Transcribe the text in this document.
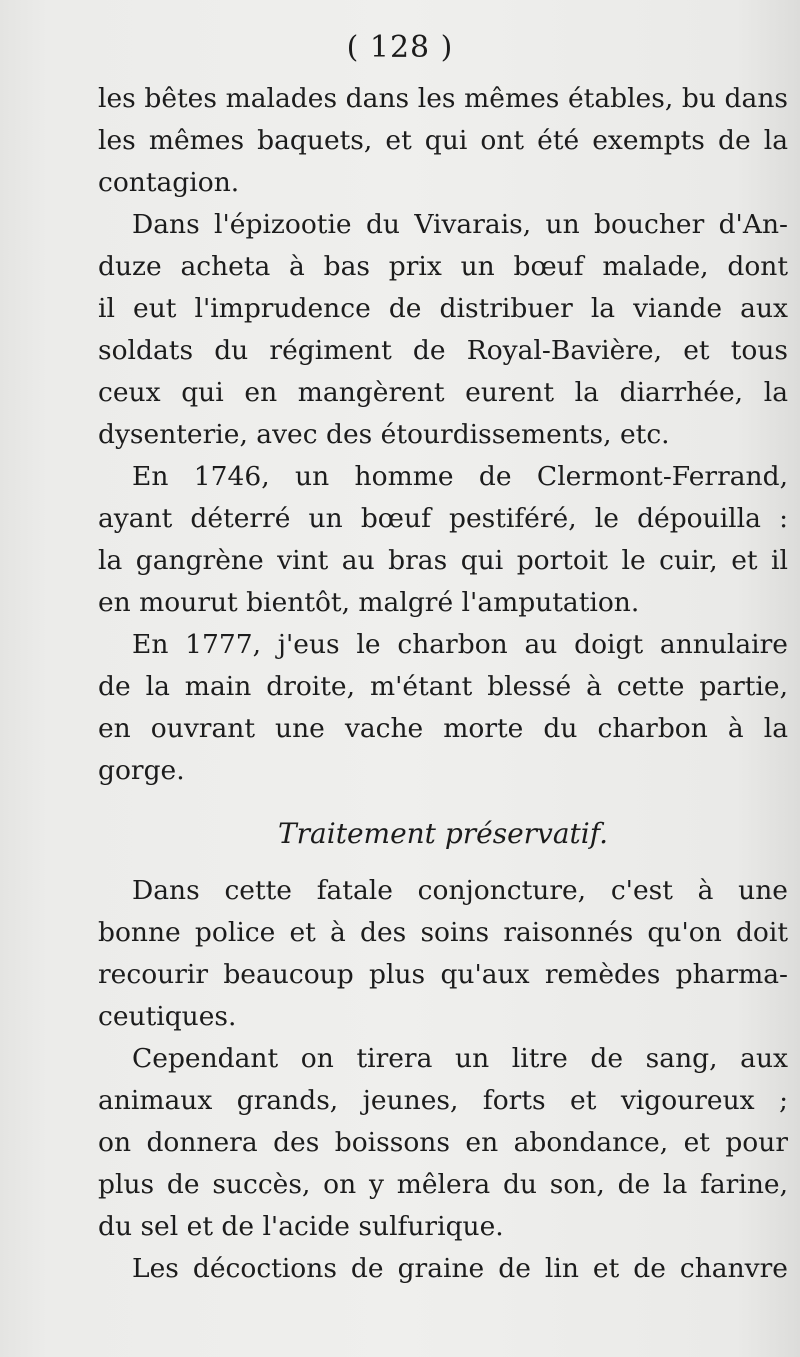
( 128 )
les bêtes malades dans les mêmes étables, bu dans
les mêmes baquets, et qui ont été exempts de la
contagion.
Dans l'épizootie du Vivarais, un boucher d'An-
duze acheta à bas prix un bœuf malade, dont
il eut l'imprudence de distribuer la viande aux
soldats du régiment de Royal-Bavière, et tous
ceux qui en mangèrent eurent la diarrhée, la
dysenterie, avec des étourdissements, etc.
En 1746, un homme de Clermont-Ferrand,
ayant déterré un bœuf pestiféré, le dépouilla :
la gangrène vint au bras qui portoit le cuir, et il
en mourut bientôt, malgré l'amputation.
En 1777, j'eus le charbon au doigt annulaire
de la main droite, m'étant blessé à cette partie,
en ouvrant une vache morte du charbon à la
gorge.
Traitement préservatif.
Dans cette fatale conjoncture, c'est à une
bonne police et à des soins raisonnés qu'on doit
recourir beaucoup plus qu'aux remèdes pharma-
ceutiques.
Cependant on tirera un litre de sang, aux
animaux grands, jeunes, forts et vigoureux ;
on donnera des boissons en abondance, et pour
plus de succès, on y mêlera du son, de la farine,
du sel et de l'acide sulfurique.
Les décoctions de graine de lin et de chanvre
